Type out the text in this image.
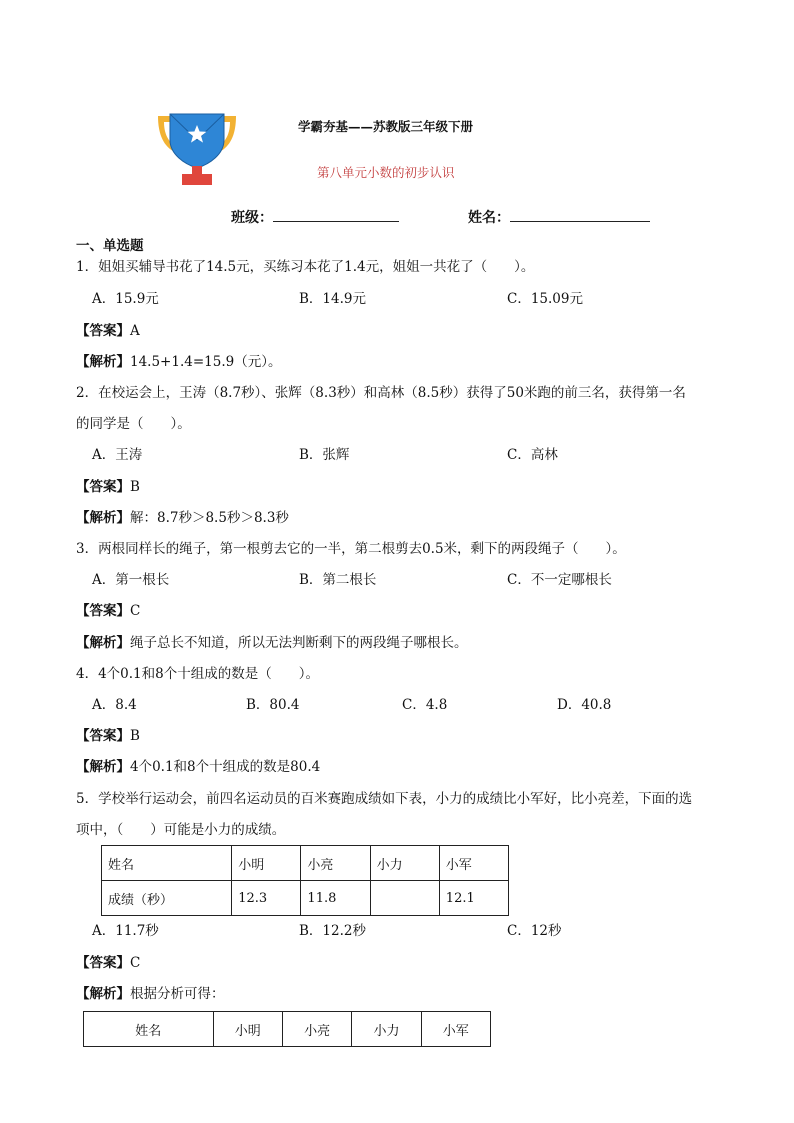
学霸夯基——苏教版三年级下册
第八单元小数的初步认识
班级：	姓名：
一、单选题
1．姐姐买辅导书花了14.5元，买练习本花了1.4元，姐姐一共花了（　　）。
A．15.9元	B．14.9元	C．15.09元
【答案】A
【解析】14.5+1.4=15.9（元）。
2．在校运会上，王涛（8.7秒）、张辉（8.3秒）和高林（8.5秒）获得了50米跑的前三名，获得第一名
的同学是（　　）。
A．王涛	B．张辉	C．高林
【答案】B
【解析】解：8.7秒＞8.5秒＞8.3秒
3．两根同样长的绳子，第一根剪去它的一半，第二根剪去0.5米，剩下的两段绳子（　　）。
A．第一根长	B．第二根长	C．不一定哪根长
【答案】C
【解析】绳子总长不知道，所以无法判断剩下的两段绳子哪根长。
4．4个0.1和8个十组成的数是（　　）。
A．8.4	B．80.4	C．4.8	D．40.8
【答案】B
【解析】4个0.1和8个十组成的数是80.4
5．学校举行运动会，前四名运动员的百米赛跑成绩如下表，小力的成绩比小军好，比小亮差，下面的选
项中，（　　）可能是小力的成绩。
姓名	小明	小亮	小力	小军
成绩（秒）	12.3	11.8		12.1
A．11.7秒	B．12.2秒	C．12秒
【答案】C
【解析】根据分析可得：
姓名	小明	小亮	小力	小军
